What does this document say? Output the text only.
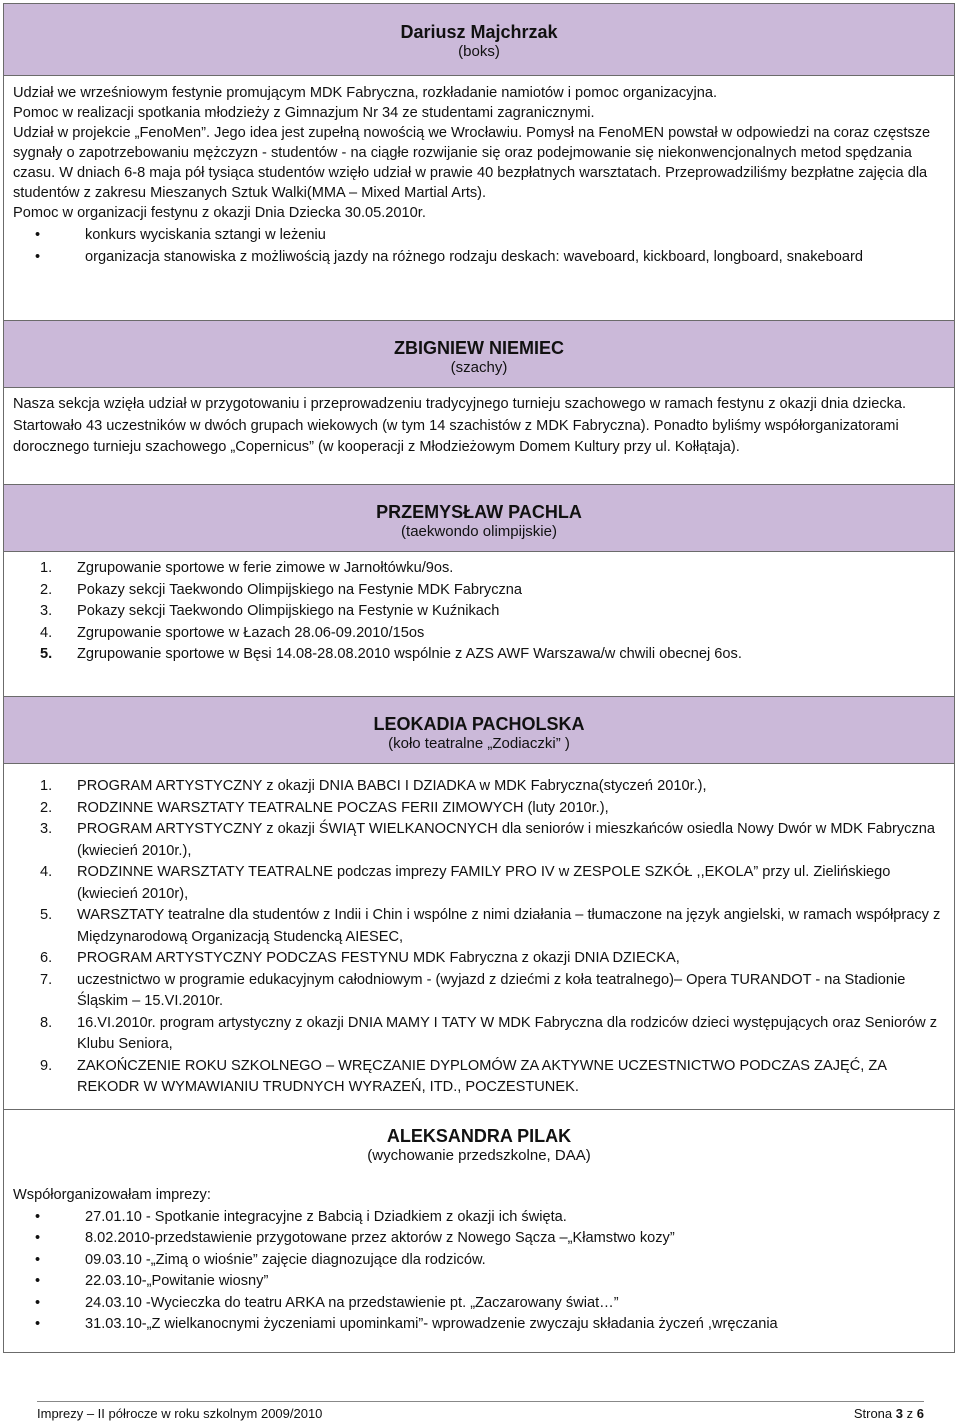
Dariusz Majchrzak
(boks)
Udział we wrześniowym festynie promującym MDK Fabryczna, rozkładanie namiotów i pomoc organizacyjna.
Pomoc w realizacji spotkania młodzieży z Gimnazjum Nr 34 ze studentami zagranicznymi.
Udział w projekcie „FenoMen”. Jego idea jest zupełną nowością we Wrocławiu. Pomysł na FenoMEN powstał w odpowiedzi na coraz częstsze sygnały o zapotrzebowaniu mężczyzn - studentów - na ciągłe rozwijanie się oraz podejmowanie się niekonwencjonalnych metod spędzania czasu. W dniach 6-8 maja pół tysiąca studentów wzięło udział w prawie 40 bezpłatnych warsztatach. Przeprowadziliśmy bezpłatne zajęcia dla studentów z zakresu Mieszanych Sztuk Walki(MMA – Mixed Martial Arts).
Pomoc w organizacji festynu z okazji Dnia Dziecka 30.05.2010r.
•	konkurs wyciskania sztangi w leżeniu
•	organizacja stanowiska z możliwością jazdy na różnego rodzaju deskach: waveboard, kickboard, longboard, snakeboard
ZBIGNIEW NIEMIEC
(szachy)
Nasza sekcja wzięła udział w przygotowaniu i przeprowadzeniu tradycyjnego turnieju szachowego w ramach festynu z okazji dnia dziecka. Startowało 43 uczestników w dwóch grupach wiekowych (w tym 14 szachistów z MDK Fabryczna). Ponadto byliśmy współorganizatorami dorocznego turnieju szachowego „Copernicus” (w kooperacji z Młodzieżowym Domem Kultury przy ul. Kołłątaja).
PRZEMYSŁAW PACHLA
(taekwondo olimpijskie)
1.	Zgrupowanie sportowe w ferie zimowe w Jarnołtówku/9os.
2.	Pokazy sekcji Taekwondo Olimpijskiego na Festynie MDK Fabryczna
3.	Pokazy sekcji Taekwondo Olimpijskiego na Festynie w Kuźnikach
4.	Zgrupowanie sportowe w Łazach 28.06-09.2010/15os
5.	Zgrupowanie sportowe w Bęsi 14.08-28.08.2010 wspólnie z AZS AWF Warszawa/w chwili obecnej 6os.
LEOKADIA PACHOLSKA
(koło teatralne „Zodiaczki” )
1.	PROGRAM ARTYSTYCZNY z okazji DNIA BABCI I DZIADKA w MDK Fabryczna(styczeń 2010r.),
2.	RODZINNE WARSZTATY TEATRALNE POCZAS FERII ZIMOWYCH (luty 2010r.),
3.	PROGRAM ARTYSTYCZNY z okazji ŚWIĄT WIELKANOCNYCH dla seniorów i mieszkańców osiedla Nowy Dwór w MDK Fabryczna (kwiecień 2010r.),
4.	RODZINNE WARSZTATY TEATRALNE podczas imprezy FAMILY PRO IV w ZESPOLE SZKÓŁ ,,EKOLA” przy ul. Zielińskiego (kwiecień 2010r),
5.	WARSZTATY teatralne dla studentów z Indii i Chin i wspólne z nimi działania – tłumaczone na język angielski, w ramach współpracy z Międzynarodową Organizacją Studencką AIESEC,
6.	PROGRAM ARTYSTYCZNY PODCZAS FESTYNU MDK Fabryczna z okazji DNIA DZIECKA,
7.	uczestnictwo w programie edukacyjnym całodniowym - (wyjazd z dziećmi z koła teatralnego)– Opera TURANDOT - na Stadionie Śląskim – 15.VI.2010r.
8.	16.VI.2010r. program artystyczny z okazji DNIA MAMY I TATY W MDK Fabryczna dla rodziców dzieci występujących oraz Seniorów z Klubu Seniora,
9.	ZAKOŃCZENIE ROKU SZKOLNEGO – WRĘCZANIE DYPLOMÓW ZA AKTYWNE UCZESTNICTWO PODCZAS ZAJĘĆ, ZA REKODR W WYMAWIANIU TRUDNYCH WYRAZEŃ, ITD., POCZESTUNEK.
ALEKSANDRA PILAK
(wychowanie przedszkolne, DAA)
Współorganizowałam imprezy:
•	27.01.10 - Spotkanie integracyjne z Babcią i Dziadkiem z okazji ich święta.
•	8.02.2010-przedstawienie przygotowane przez aktorów z Nowego Sącza –„Kłamstwo kozy”
•	09.03.10 -„Zimą o wiośnie” zajęcie diagnozujące dla rodziców.
•	22.03.10-„Powitanie wiosny”
•	24.03.10 -Wycieczka do teatru ARKA na przedstawienie pt. „Zaczarowany świat…”
•	31.03.10-„Z wielkanocnymi życzeniami upominkami”- wprowadzenie zwyczaju składania życzeń ,wręczania
Imprezy – II półrocze w roku szkolnym 2009/2010	Strona 3 z 6
